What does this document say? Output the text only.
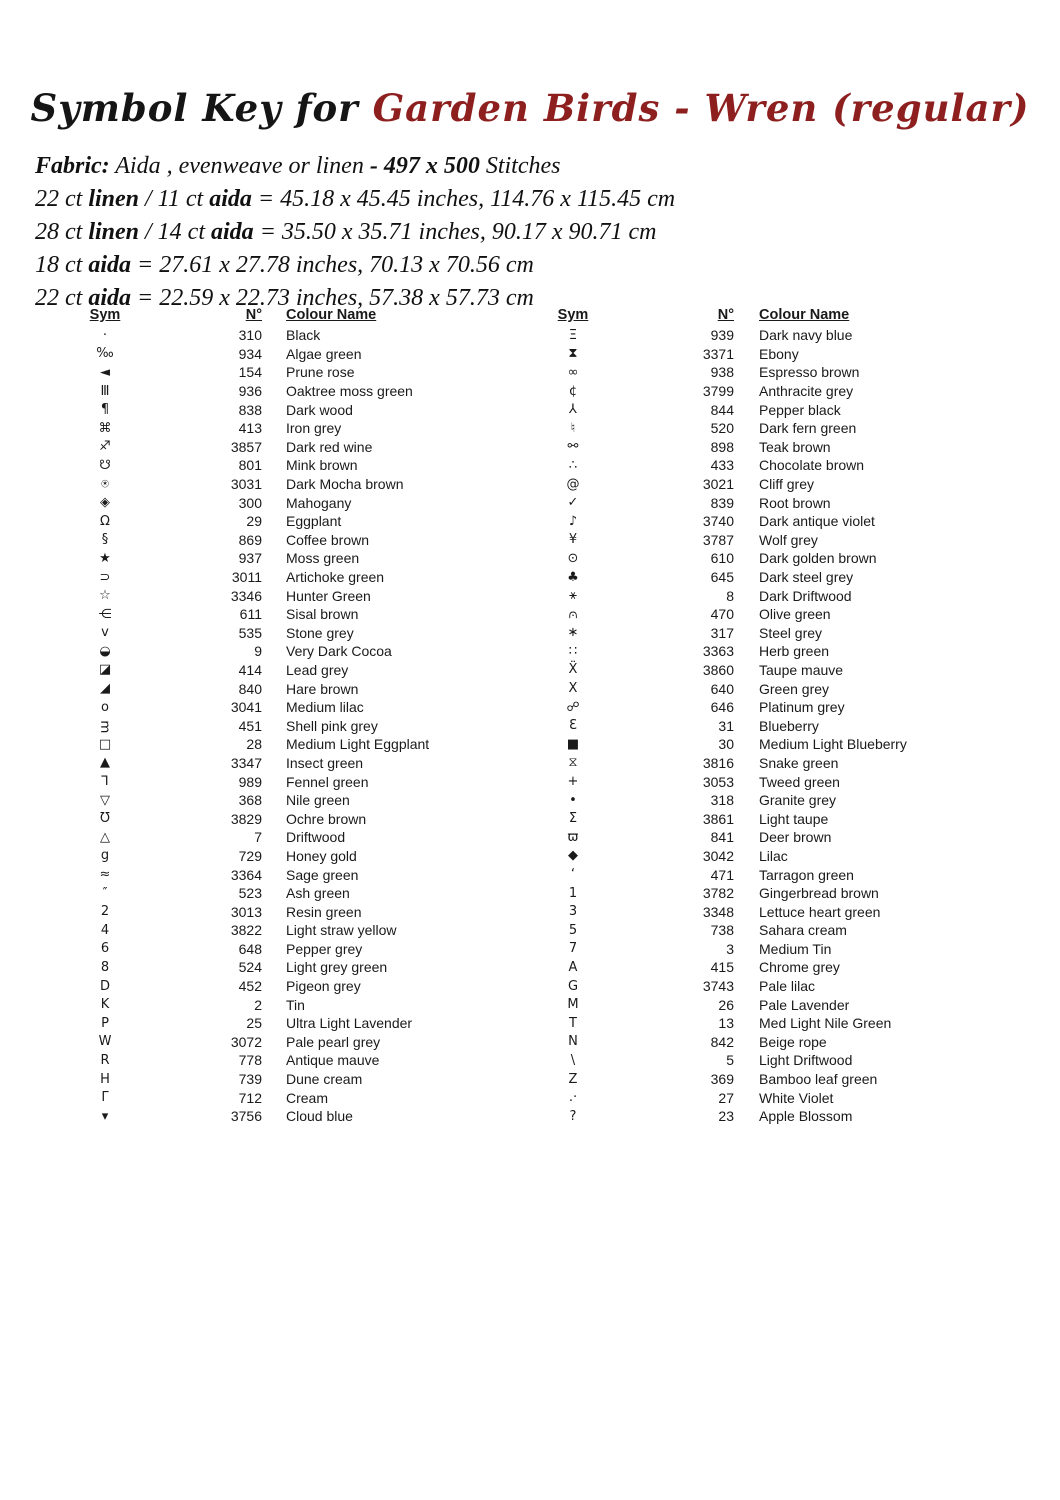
Symbol Key for Garden Birds - Wren (regular)
Fabric: Aida , evenweave or linen - 497 x 500 Stitches
22 ct linen / 11 ct aida = 45.18 x 45.45 inches, 114.76 x 115.45 cm
28 ct linen / 14 ct aida = 35.50 x 35.71 inches, 90.17 x 90.71 cm
18 ct aida = 27.61 x 27.78 inches, 70.13 x 70.56 cm
22 ct aida = 22.59 x 22.73 inches, 57.38 x 57.73 cm
Sym	N°	Colour Name
·	310	Black
‰	934	Algae green
◄	154	Prune rose
Ⅲ	936	Oaktree moss green
¶	838	Dark wood
⌘	413	Iron grey
♐	3857	Dark red wine
☋	801	Mink brown
⍟	3031	Dark Mocha brown
◈	300	Mahogany
Ω	29	Eggplant
§	869	Coffee brown
★	937	Moss green
⊃	3011	Artichoke green
☆	3346	Hunter Green
⋲	611	Sisal brown
ᴠ	535	Stone grey
◒	9	Very Dark Cocoa
◪	414	Lead grey
◢	840	Hare brown
o	3041	Medium lilac
ᴟ	451	Shell pink grey
□	28	Medium Light Eggplant
▲	3347	Insect green
⅂	989	Fennel green
▽	368	Nile green
Ʊ	3829	Ochre brown
△	7	Driftwood
g	729	Honey gold
≈	3364	Sage green
″	523	Ash green
2	3013	Resin green
4	3822	Light straw yellow
6	648	Pepper grey
8	524	Light grey green
D	452	Pigeon grey
K	2	Tin
P	25	Ultra Light Lavender
W	3072	Pale pearl grey
R	778	Antique mauve
H	739	Dune cream
Γ	712	Cream
▾	3756	Cloud blue
Sym	N°	Colour Name
Ξ	939	Dark navy blue
⧗	3371	Ebony
∞	938	Espresso brown
¢	3799	Anthracite grey
⅄	844	Pepper black
♮	520	Dark fern green
⚯	898	Teak brown
∴	433	Chocolate brown
@	3021	Cliff grey
✓	839	Root brown
♪	3740	Dark antique violet
¥	3787	Wolf grey
⊙	610	Dark golden brown
♣	645	Dark steel grey
⚹	8	Dark Driftwood
⩀	470	Olive green
∗	317	Steel grey
∷	3363	Herb green
Ẍ	3860	Taupe mauve
X	640	Green grey
☍	646	Platinum grey
Ɛ	31	Blueberry
■	30	Medium Light Blueberry
⧖	3816	Snake green
+	3053	Tweed green
•	318	Granite grey
Σ	3861	Light taupe
ϖ	841	Deer brown
◆	3042	Lilac
‘	471	Tarragon green
1	3782	Gingerbread brown
3	3348	Lettuce heart green
5	738	Sahara cream
7	3	Medium Tin
A	415	Chrome grey
G	3743	Pale lilac
M	26	Pale Lavender
T	13	Med Light Nile Green
N	842	Beige rope
\	5	Light Driftwood
Z	369	Bamboo leaf green
.·	27	White Violet
?	23	Apple Blossom
